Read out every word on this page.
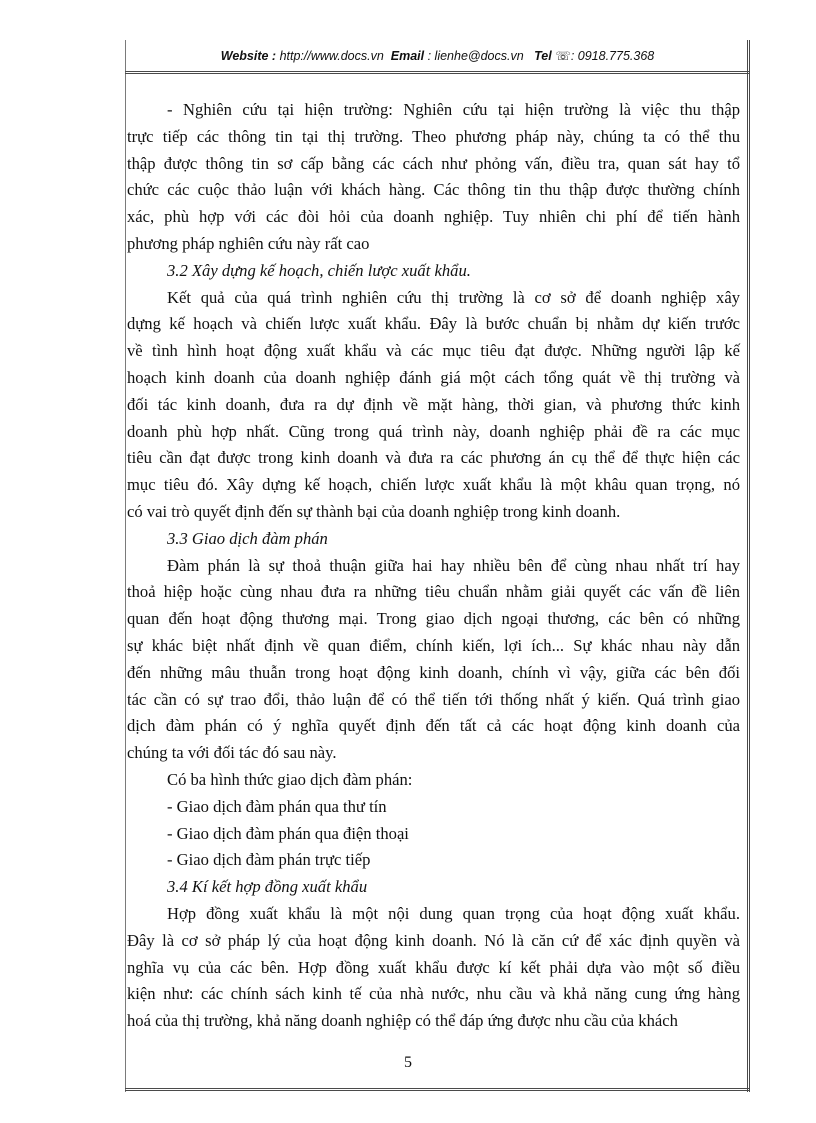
Website : http://www.docs.vn Email : lienhe@docs.vn Tel ☏: 0918.775.368
- Nghiên cứu tại hiện trường: Nghiên cứu tại hiện trường là việc thu thập
trực tiếp các thông tin tại thị trường. Theo phương pháp này, chúng ta có thể thu
thập được thông tin sơ cấp bằng các cách như phỏng vấn, điều tra, quan sát hay tổ
chức các cuộc thảo luận với khách hàng. Các thông tin thu thập được thường chính
xác, phù hợp với các đòi hỏi của doanh nghiệp. Tuy nhiên chi phí để tiến hành
phương pháp nghiên cứu này rất cao
3.2 Xây dựng kế hoạch, chiến lược xuất khẩu.
Kết quả của quá trình nghiên cứu thị trường là cơ sở để doanh nghiệp xây
dựng kế hoạch và chiến lược xuất khẩu. Đây là bước chuẩn bị nhằm dự kiến trước
về tình hình hoạt động xuất khẩu và các mục tiêu đạt được. Những người lập kế
hoạch kinh doanh của doanh nghiệp đánh giá một cách tổng quát về thị trường và
đối tác kinh doanh, đưa ra dự định về mặt hàng, thời gian, và phương thức kinh
doanh phù hợp nhất. Cũng trong quá trình này, doanh nghiệp phải đề ra các mục
tiêu cần đạt được trong kinh doanh và đưa ra các phương án cụ thể để thực hiện các
mục tiêu đó. Xây dựng kế hoạch, chiến lược xuất khẩu là một khâu quan trọng, nó
có vai trò quyết định đến sự thành bại của doanh nghiệp trong kinh doanh.
3.3 Giao dịch đàm phán
Đàm phán là sự thoả thuận giữa hai hay nhiều bên để cùng nhau nhất trí hay
thoả hiệp hoặc cùng nhau đưa ra những tiêu chuẩn nhằm giải quyết các vấn đề liên
quan đến hoạt động thương mại. Trong giao dịch ngoại thương, các bên có những
sự khác biệt nhất định về quan điểm, chính kiến, lợi ích... Sự khác nhau này dẫn
đến những mâu thuẫn trong hoạt động kinh doanh, chính vì vậy, giữa các bên đối
tác cần có sự trao đổi, thảo luận để có thể tiến tới thống nhất ý kiến. Quá trình giao
dịch đàm phán có ý nghĩa quyết định đến tất cả các hoạt động kinh doanh của
chúng ta với đối tác đó sau này.
Có ba hình thức giao dịch đàm phán:
- Giao dịch đàm phán qua thư tín
- Giao dịch đàm phán qua điện thoại
- Giao dịch đàm phán trực tiếp
3.4 Kí kết hợp đồng xuất khẩu
Hợp đồng xuất khẩu là một nội dung quan trọng của hoạt động xuất khẩu.
Đây là cơ sở pháp lý của hoạt động kinh doanh. Nó là căn cứ để xác định quyền và
nghĩa vụ của các bên. Hợp đồng xuất khẩu được kí kết phải dựa vào một số điều
kiện như: các chính sách kinh tế của nhà nước, nhu cầu và khả năng cung ứng hàng
hoá của thị trường, khả năng doanh nghiệp có thể đáp ứng được nhu cầu của khách
5
